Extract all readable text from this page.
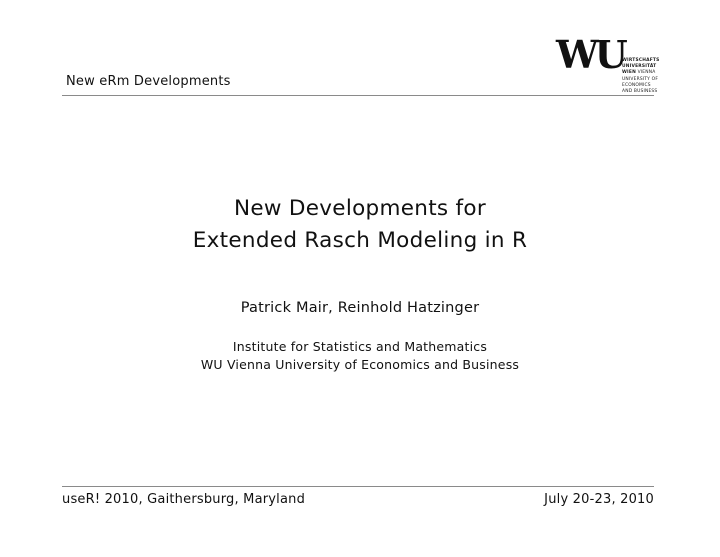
New eRm Developments
WU
WIRTSCHAFTS
UNIVERSITÄT
WIEN VIENNA
UNIVERSITY OF
ECONOMICS
AND BUSINESS
New Developments for
Extended Rasch Modeling in R
Patrick Mair, Reinhold Hatzinger
Institute for Statistics and Mathematics
WU Vienna University of Economics and Business
useR! 2010, Gaithersburg, Maryland	July 20-23, 2010
